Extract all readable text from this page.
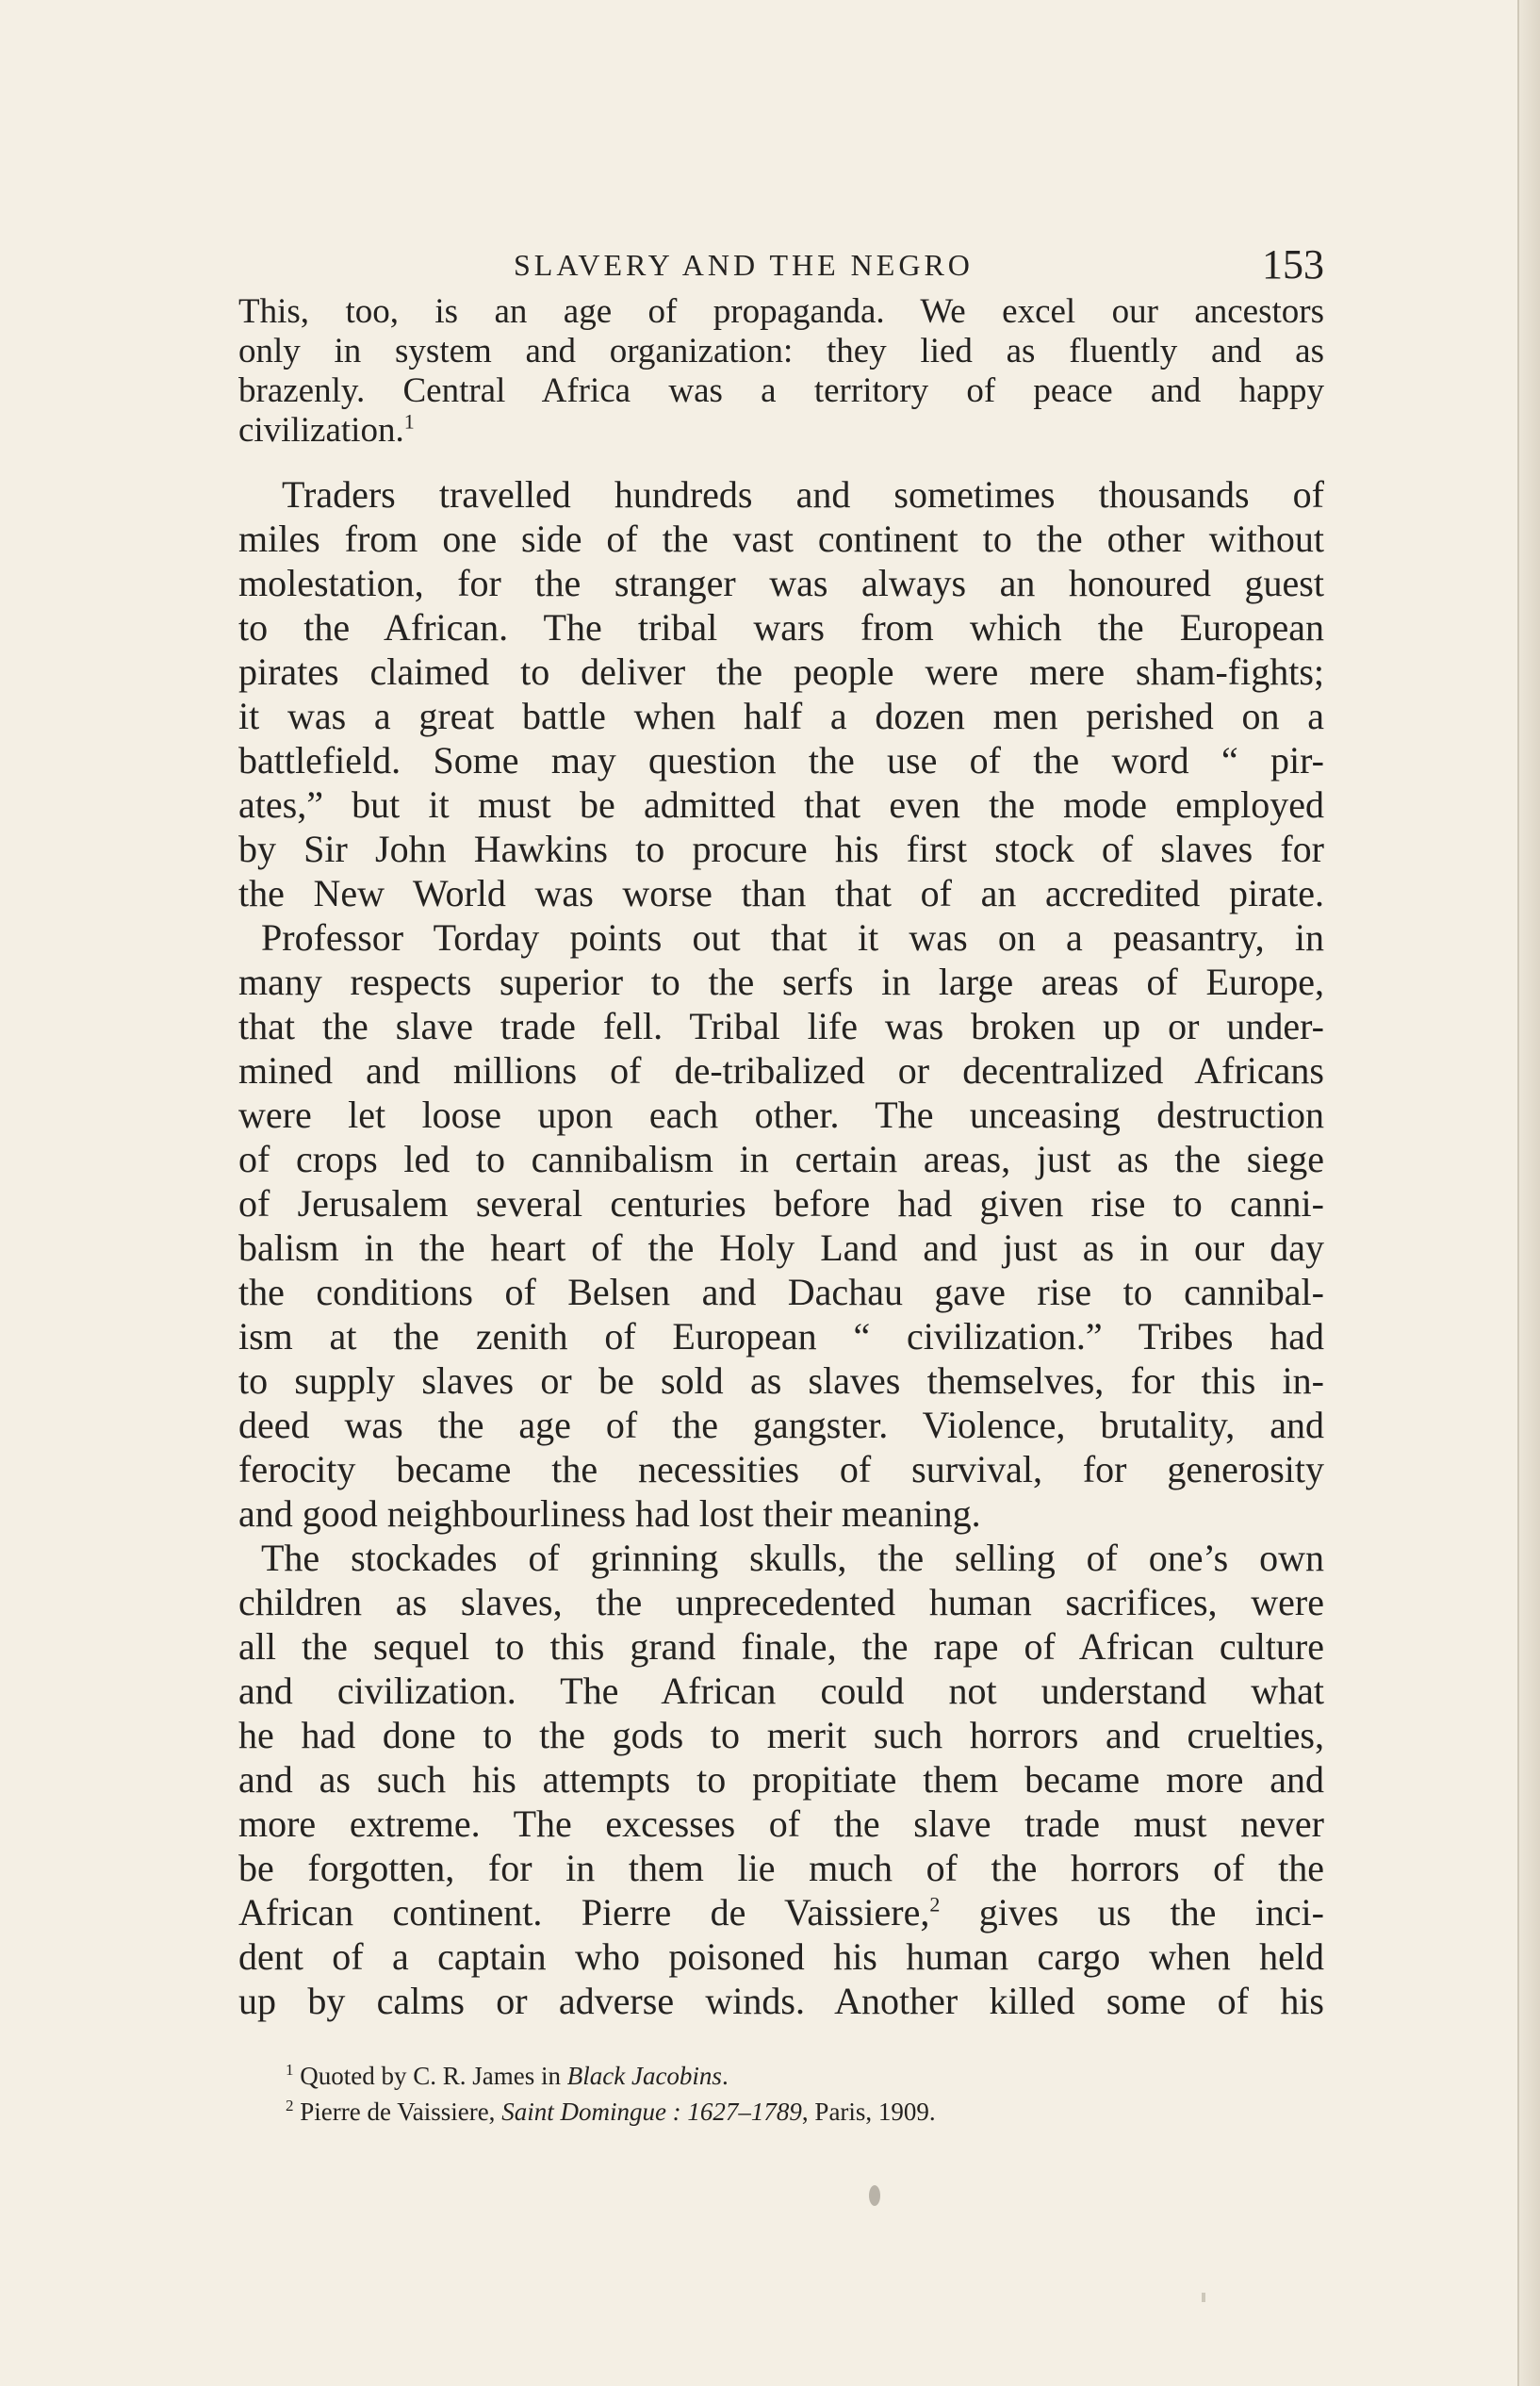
SLAVERY AND THE NEGRO	153
This, too, is an age of propaganda. We excel our ancestors
only in system and organization: they lied as fluently and as
brazenly. Central Africa was a territory of peace and happy
civilization.$^1$
Traders travelled hundreds and sometimes thousands of
miles from one side of the vast continent to the other without
molestation, for the stranger was always an honoured guest
to the African. The tribal wars from which the European
pirates claimed to deliver the people were mere sham-fights;
it was a great battle when half a dozen men perished on a
battlefield. Some may question the use of the word “ pir-
ates,” but it must be admitted that even the mode employed
by Sir John Hawkins to procure his first stock of slaves for
the New World was worse than that of an accredited pirate.
Professor Torday points out that it was on a peasantry, in
many respects superior to the serfs in large areas of Europe,
that the slave trade fell. Tribal life was broken up or under-
mined and millions of de-tribalized or decentralized Africans
were let loose upon each other. The unceasing destruction
of crops led to cannibalism in certain areas, just as the siege
of Jerusalem several centuries before had given rise to canni-
balism in the heart of the Holy Land and just as in our day
the conditions of Belsen and Dachau gave rise to cannibal-
ism at the zenith of European “ civilization.” Tribes had
to supply slaves or be sold as slaves themselves, for this in-
deed was the age of the gangster. Violence, brutality, and
ferocity became the necessities of survival, for generosity
and good neighbourliness had lost their meaning.
The stockades of grinning skulls, the selling of one’s own
children as slaves, the unprecedented human sacrifices, were
all the sequel to this grand finale, the rape of African culture
and civilization. The African could not understand what
he had done to the gods to merit such horrors and cruelties,
and as such his attempts to propitiate them became more and
more extreme. The excesses of the slave trade must never
be forgotten, for in them lie much of the horrors of the
African continent. Pierre de Vaissiere,$^2$ gives us the inci-
dent of a captain who poisoned his human cargo when held
up by calms or adverse winds. Another killed some of his
$^1$ Quoted by C. R. James in Black Jacobins.
$^2$ Pierre de Vaissiere, Saint Domingue : 1627–1789, Paris, 1909.
